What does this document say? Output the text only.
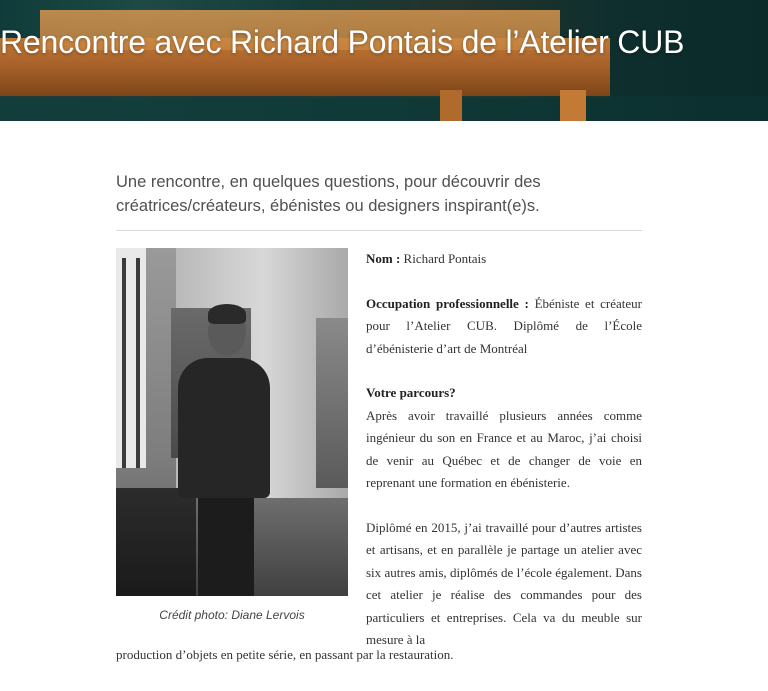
Rencontre avec Richard Pontais de l’Atelier CUB

Une rencontre, en quelques questions, pour découvrir des créatrices/créateurs, ébénistes ou designers inspirant(e)s.

Crédit photo: Diane Lervois

Nom : Richard Pontais

Occupation professionnelle : Ébéniste et créateur pour l’Atelier CUB. Diplômé de l’École d’ébénisterie d’art de Montréal

Votre parcours?

Après avoir travaillé plusieurs années comme ingénieur du son en France et au Maroc, j’ai choisi de venir au Québec et de changer de voie en reprenant une formation en ébénisterie.

Diplômé en 2015, j’ai travaillé pour d’autres artistes et artisans, et en parallèle je partage un atelier avec six autres amis, diplômés de l’école également. Dans cet atelier je réalise des commandes pour des particuliers et entreprises. Cela va du meuble sur mesure à la

production d’objets en petite série, en passant par la restauration.
